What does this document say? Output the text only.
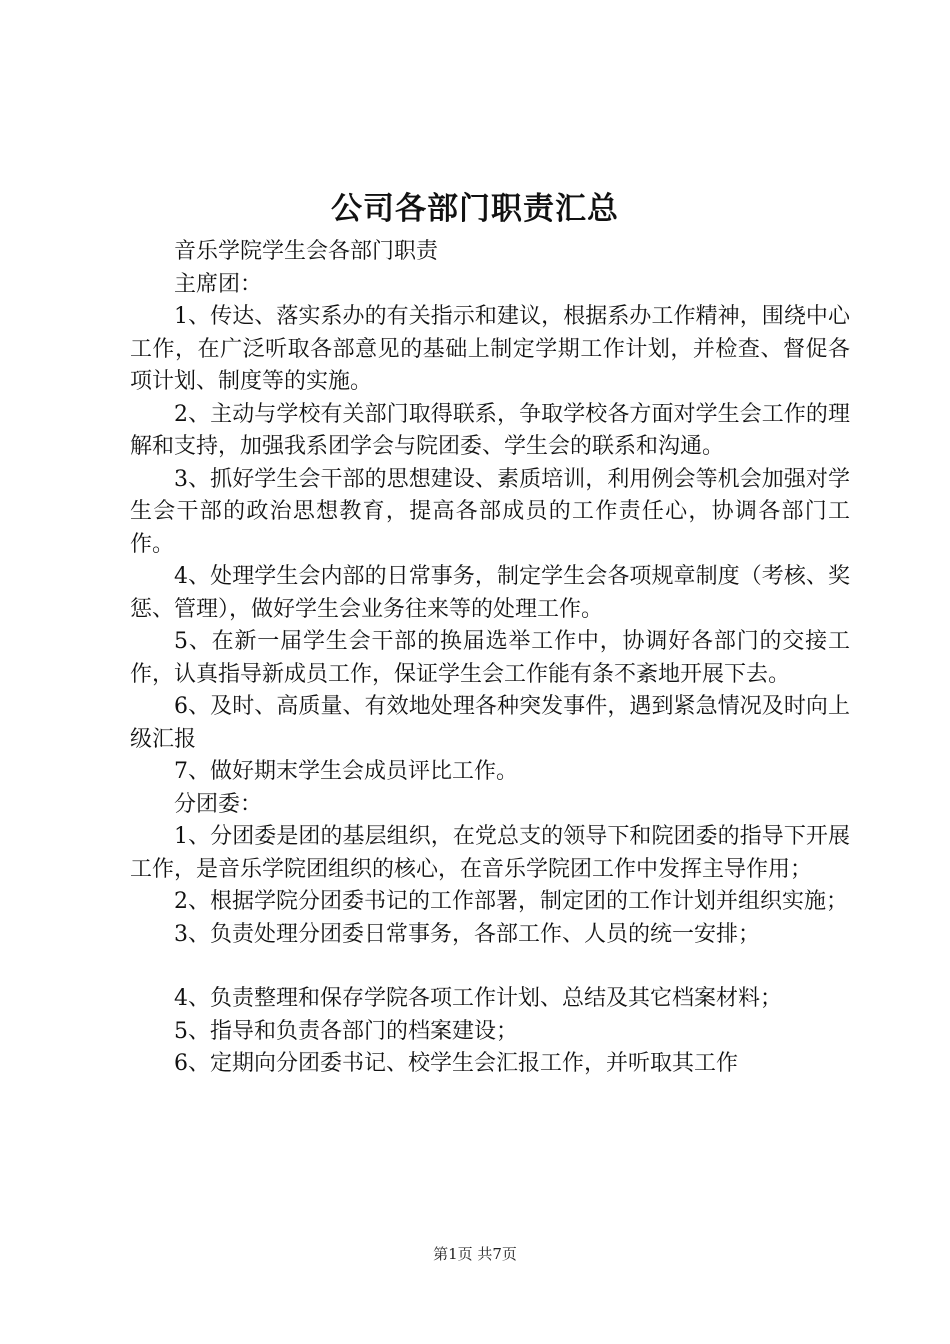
公司各部门职责汇总

音乐学院学生会各部门职责

主席团：

1、传达、落实系办的有关指示和建议，根据系办工作精神，围绕中心工作，在广泛听取各部意见的基础上制定学期工作计划，并检查、督促各项计划、制度等的实施。

2、主动与学校有关部门取得联系，争取学校各方面对学生会工作的理解和支持，加强我系团学会与院团委、学生会的联系和沟通。

3、抓好学生会干部的思想建设、素质培训，利用例会等机会加强对学生会干部的政治思想教育，提高各部成员的工作责任心，协调各部门工作。

4、处理学生会内部的日常事务，制定学生会各项规章制度（考核、奖惩、管理），做好学生会业务往来等的处理工作。

5、在新一届学生会干部的换届选举工作中，协调好各部门的交接工作，认真指导新成员工作，保证学生会工作能有条不紊地开展下去。

6、及时、高质量、有效地处理各种突发事件，遇到紧急情况及时向上级汇报

7、做好期末学生会成员评比工作。

分团委：

1、分团委是团的基层组织，在党总支的领导下和院团委的指导下开展工作，是音乐学院团组织的核心，在音乐学院团工作中发挥主导作用；

2、根据学院分团委书记的工作部署，制定团的工作计划并组织实施；

3、负责处理分团委日常事务，各部工作、人员的统一安排；

4、负责整理和保存学院各项工作计划、总结及其它档案材料；

5、指导和负责各部门的档案建设；

6、定期向分团委书记、校学生会汇报工作，并听取其工作

第1页 共7页
